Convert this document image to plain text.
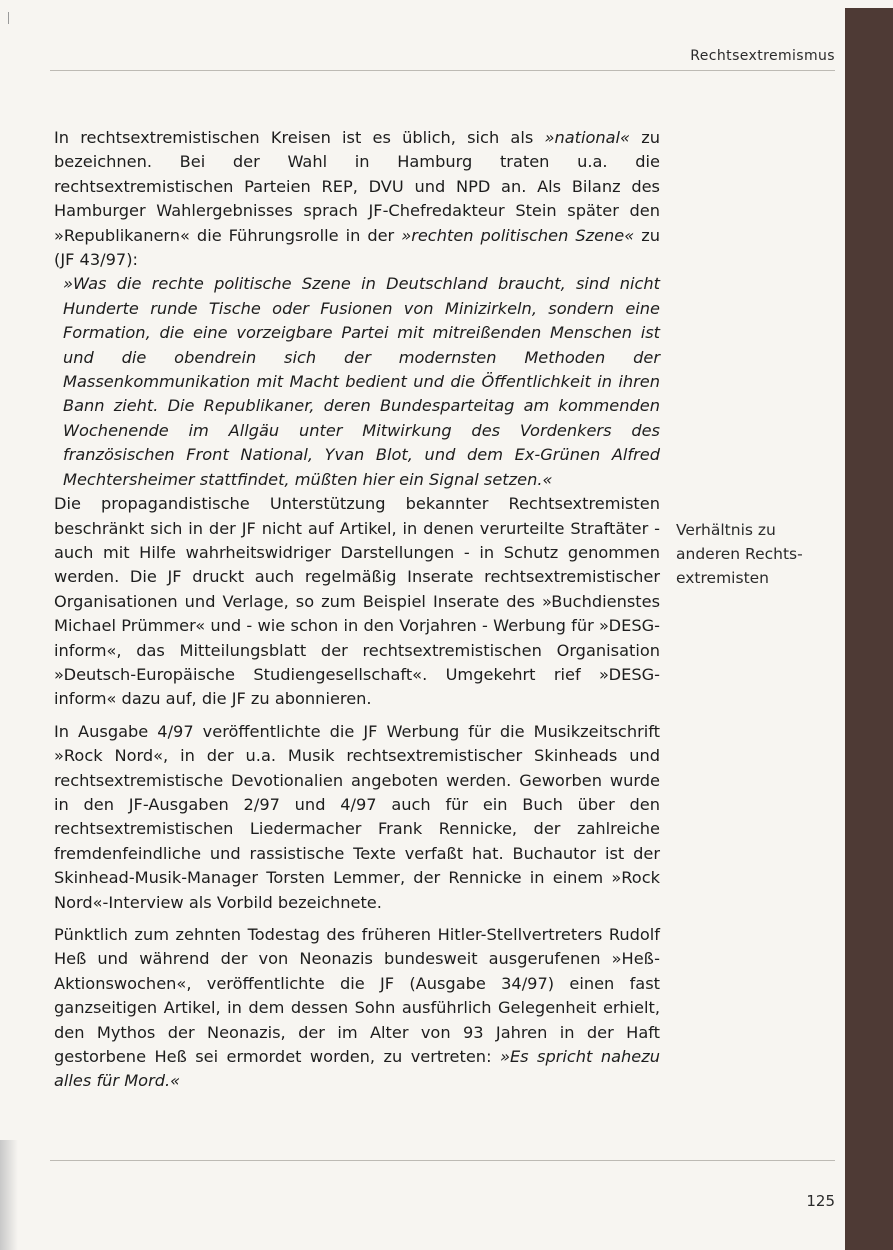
Rechtsextremismus

In rechtsextremistischen Kreisen ist es üblich, sich als »national« zu bezeichnen. Bei der Wahl in Hamburg traten u.a. die rechtsextremistischen Parteien REP, DVU und NPD an. Als Bilanz des Hamburger Wahlergebnisses sprach JF-Chefredakteur Stein später den »Republikanern« die Führungsrolle in der »rechten politischen Szene« zu (JF 43/97):

»Was die rechte politische Szene in Deutschland braucht, sind nicht Hunderte runde Tische oder Fusionen von Minizirkeln, sondern eine Formation, die eine vorzeigbare Partei mit mitreißenden Menschen ist und die obendrein sich der modernsten Methoden der Massenkommunikation mit Macht bedient und die Öffentlichkeit in ihren Bann zieht. Die Republikaner, deren Bundesparteitag am kommenden Wochenende im Allgäu unter Mitwirkung des Vordenkers des französischen Front National, Yvan Blot, und dem Ex-Grünen Alfred Mechtersheimer stattfindet, müßten hier ein Signal setzen.«

Die propagandistische Unterstützung bekannter Rechtsextremisten beschränkt sich in der JF nicht auf Artikel, in denen verurteilte Straftäter - auch mit Hilfe wahrheitswidriger Darstellungen - in Schutz genommen werden. Die JF druckt auch regelmäßig Inserate rechtsextremistischer Organisationen und Verlage, so zum Beispiel Inserate des »Buchdienstes Michael Prümmer« und - wie schon in den Vorjahren - Werbung für »DESG-inform«, das Mitteilungsblatt der rechtsextremistischen Organisation »Deutsch-Europäische Studiengesellschaft«. Umgekehrt rief »DESG-inform« dazu auf, die JF zu abonnieren.

In Ausgabe 4/97 veröffentlichte die JF Werbung für die Musikzeitschrift »Rock Nord«, in der u.a. Musik rechtsextremistischer Skinheads und rechtsextremistische Devotionalien angeboten werden. Geworben wurde in den JF-Ausgaben 2/97 und 4/97 auch für ein Buch über den rechtsextremistischen Liedermacher Frank Rennicke, der zahlreiche fremdenfeindliche und rassistische Texte verfaßt hat. Buchautor ist der Skinhead-Musik-Manager Torsten Lemmer, der Rennicke in einem »Rock Nord«-Interview als Vorbild bezeichnete.

Pünktlich zum zehnten Todestag des früheren Hitler-Stellvertreters Rudolf Heß und während der von Neonazis bundesweit ausgerufenen »Heß-Aktionswochen«, veröffentlichte die JF (Ausgabe 34/97) einen fast ganzseitigen Artikel, in dem dessen Sohn ausführlich Gelegenheit erhielt, den Mythos der Neonazis, der im Alter von 93 Jahren in der Haft gestorbene Heß sei ermordet worden, zu vertreten: »Es spricht nahezu alles für Mord.«

Verhältnis zu
anderen Rechts-
extremisten
125
